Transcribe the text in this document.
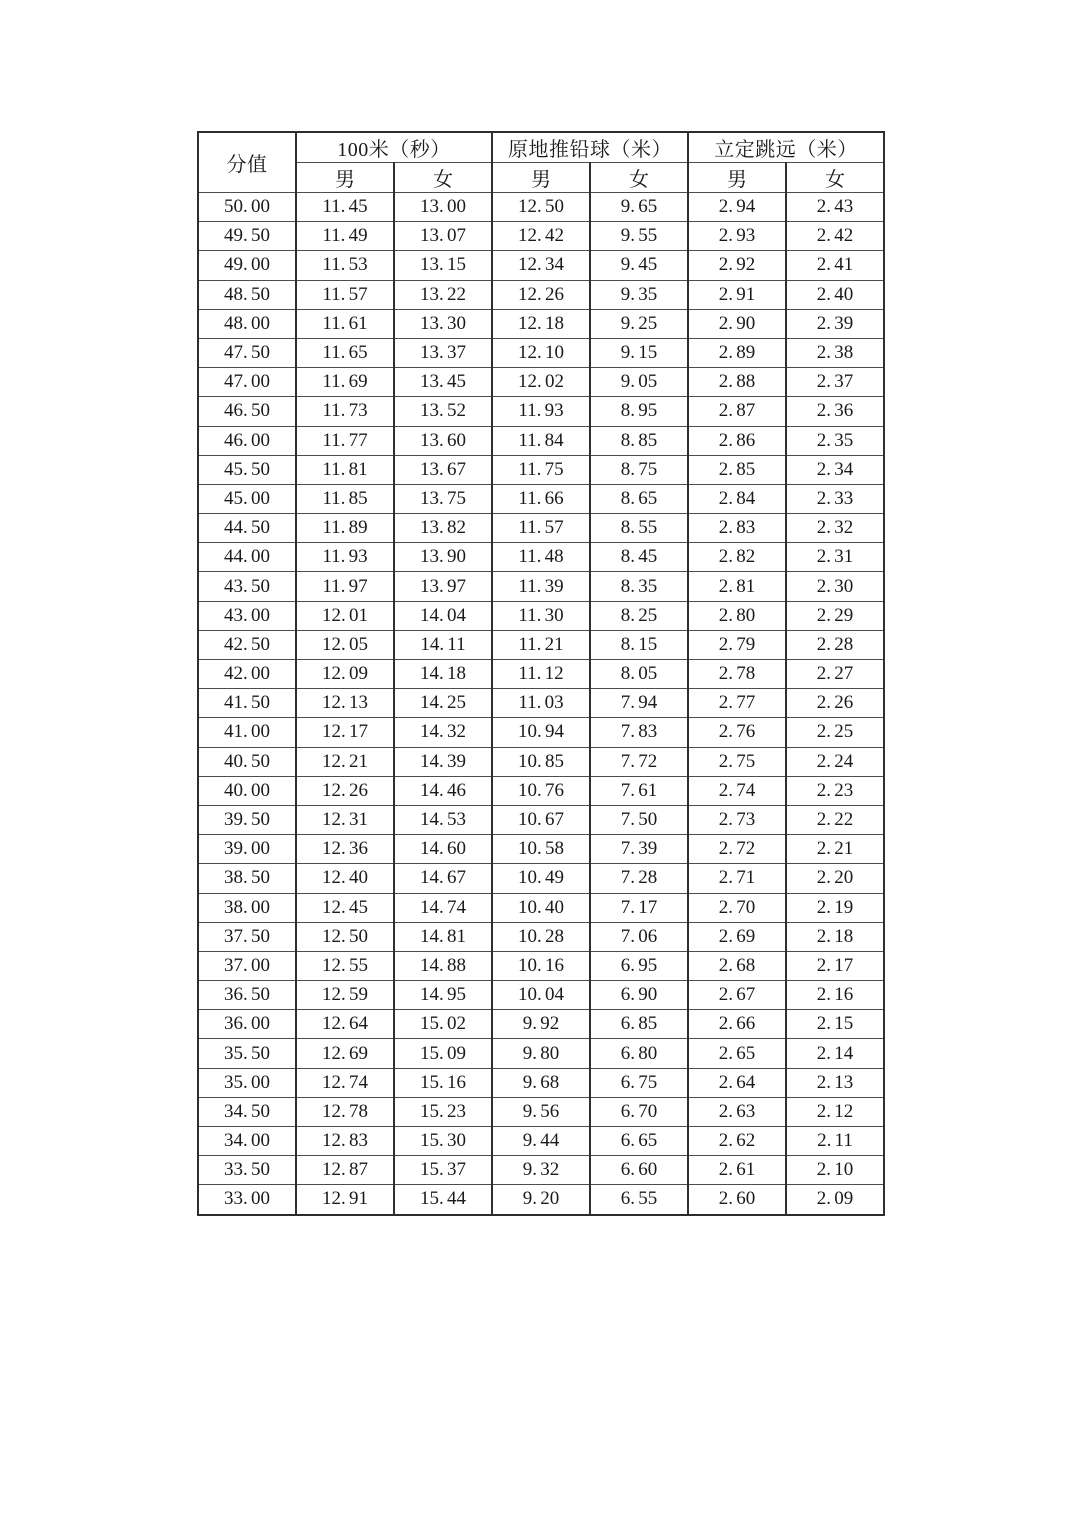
分值	100米（秒）		原地推铅球（米）		立定跳远（米）	
	男	女	男	女	男	女
50. 00	11. 45	13. 00	12. 50	9. 65	2. 94	2. 43
49. 50	11. 49	13. 07	12. 42	9. 55	2. 93	2. 42
49. 00	11. 53	13. 15	12. 34	9. 45	2. 92	2. 41
48. 50	11. 57	13. 22	12. 26	9. 35	2. 91	2. 40
48. 00	11. 61	13. 30	12. 18	9. 25	2. 90	2. 39
47. 50	11. 65	13. 37	12. 10	9. 15	2. 89	2. 38
47. 00	11. 69	13. 45	12. 02	9. 05	2. 88	2. 37
46. 50	11. 73	13. 52	11. 93	8. 95	2. 87	2. 36
46. 00	11. 77	13. 60	11. 84	8. 85	2. 86	2. 35
45. 50	11. 81	13. 67	11. 75	8. 75	2. 85	2. 34
45. 00	11. 85	13. 75	11. 66	8. 65	2. 84	2. 33
44. 50	11. 89	13. 82	11. 57	8. 55	2. 83	2. 32
44. 00	11. 93	13. 90	11. 48	8. 45	2. 82	2. 31
43. 50	11. 97	13. 97	11. 39	8. 35	2. 81	2. 30
43. 00	12. 01	14. 04	11. 30	8. 25	2. 80	2. 29
42. 50	12. 05	14. 11	11. 21	8. 15	2. 79	2. 28
42. 00	12. 09	14. 18	11. 12	8. 05	2. 78	2. 27
41. 50	12. 13	14. 25	11. 03	7. 94	2. 77	2. 26
41. 00	12. 17	14. 32	10. 94	7. 83	2. 76	2. 25
40. 50	12. 21	14. 39	10. 85	7. 72	2. 75	2. 24
40. 00	12. 26	14. 46	10. 76	7. 61	2. 74	2. 23
39. 50	12. 31	14. 53	10. 67	7. 50	2. 73	2. 22
39. 00	12. 36	14. 60	10. 58	7. 39	2. 72	2. 21
38. 50	12. 40	14. 67	10. 49	7. 28	2. 71	2. 20
38. 00	12. 45	14. 74	10. 40	7. 17	2. 70	2. 19
37. 50	12. 50	14. 81	10. 28	7. 06	2. 69	2. 18
37. 00	12. 55	14. 88	10. 16	6. 95	2. 68	2. 17
36. 50	12. 59	14. 95	10. 04	6. 90	2. 67	2. 16
36. 00	12. 64	15. 02	9. 92	6. 85	2. 66	2. 15
35. 50	12. 69	15. 09	9. 80	6. 80	2. 65	2. 14
35. 00	12. 74	15. 16	9. 68	6. 75	2. 64	2. 13
34. 50	12. 78	15. 23	9. 56	6. 70	2. 63	2. 12
34. 00	12. 83	15. 30	9. 44	6. 65	2. 62	2. 11
33. 50	12. 87	15. 37	9. 32	6. 60	2. 61	2. 10
33. 00	12. 91	15. 44	9. 20	6. 55	2. 60	2. 09
